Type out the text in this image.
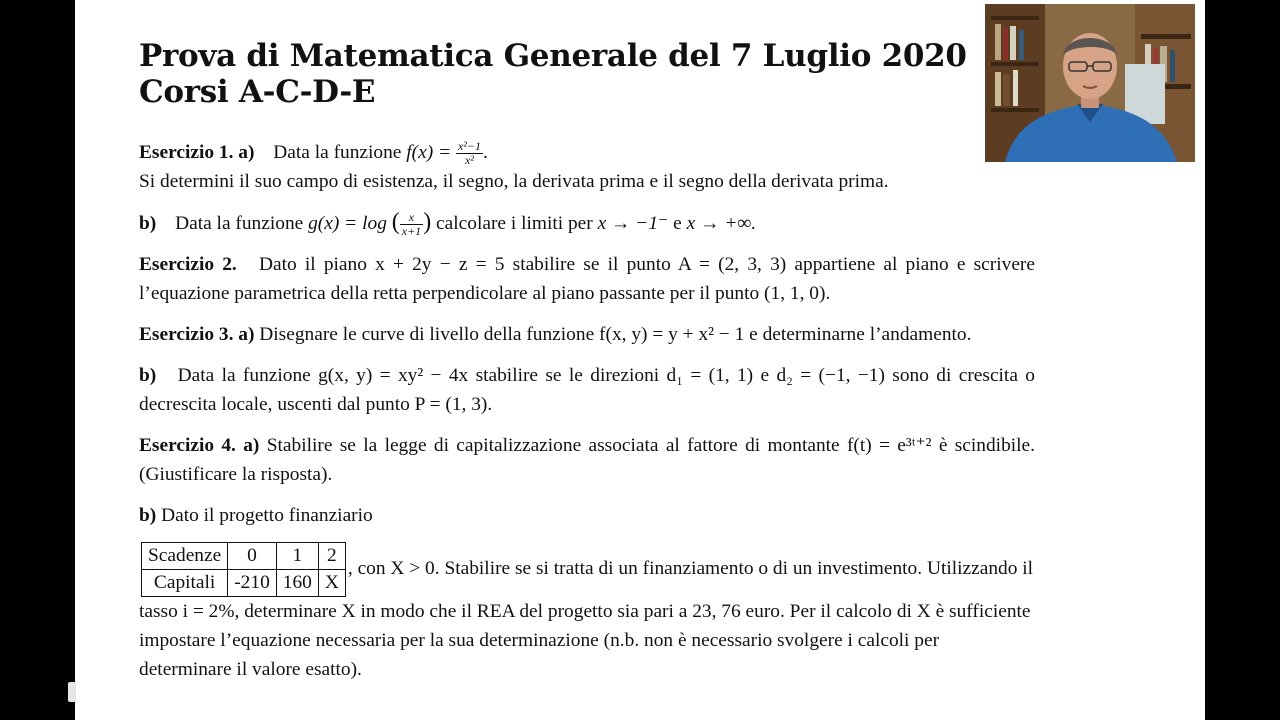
Prova di Matematica Generale del 7 Luglio 2020
Corsi A-C-D-E

Esercizio 1. a) Data la funzione $f(x) = \frac{\text{x²−1}}{\text{x²}}$ .
Si determini il suo campo di esistenza, il segno, la derivata prima e il segno della derivata prima.

b) Data la funzione g(x) = log ( $\frac{x}{x+1}$ ) calcolare i limiti per x → −1⁻ e x → +∞.

Esercizio 2. Dato il piano x + 2y − z = 5 stabilire se il punto A = (2, 3, 3) appartiene al piano e scrivere l’equazione parametrica della retta perpendicolare al piano passante per il punto (1, 1, 0).

Esercizio 3. a) Disegnare le curve di livello della funzione f(x, y) = y + x² − 1 e determinarne l’andamento.

b) Data la funzione g(x, y) = xy² − 4x stabilire se le direzioni d₁ = (1, 1) e d₂ = (−1, −1) sono di crescita o decrescita locale, uscenti dal punto P = (1, 3).

Esercizio 4. a) Stabilire se la legge di capitalizzazione associata al fattore di montante f(t) = e³ᵗ⁺² è scindibile. (Giustificare la risposta).

b) Dato il progetto finanziario

Scadenze	0	1	2
Capitali	-210	160	X, con X > 0. Stabilire se si tratta di un finanziamento o di un investimento. Utilizzando il tasso i = 2%, determinare X in modo che il REA del progetto sia pari a 23, 76 euro. Per il calcolo di X è sufficiente impostare l’equazione necessaria per la sua determinazione (n.b. non è necessario svolgere i calcoli per determinare il valore esatto).
